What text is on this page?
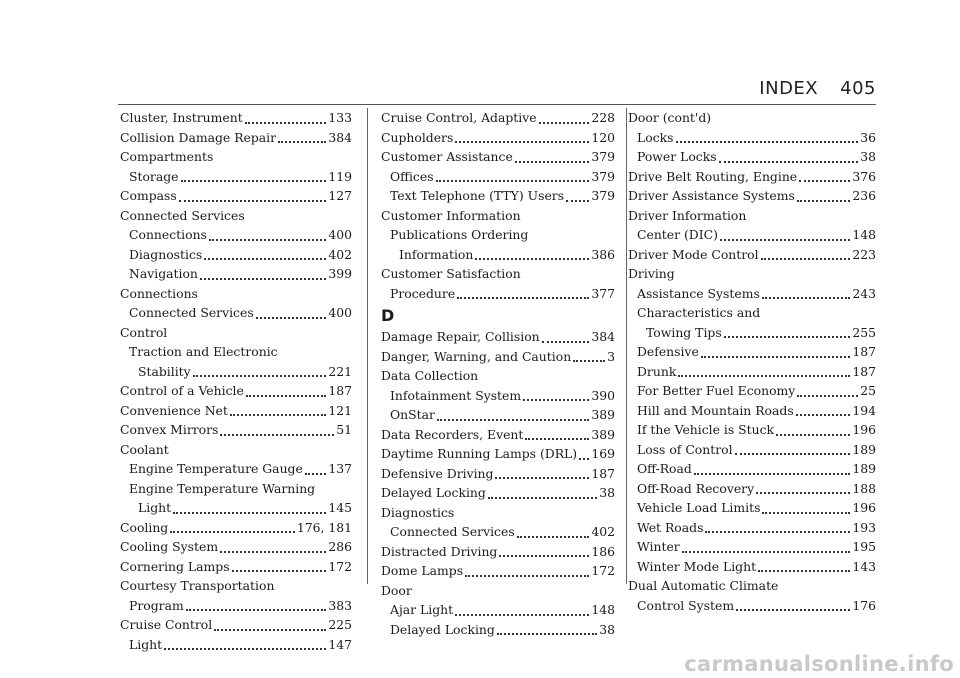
INDEX 405
Cluster, Instrument	133
Collision Damage Repair	384
Compartments
Storage	119
Compass	127
Connected Services
Connections	400
Diagnostics	402
Navigation	399
Connections
Connected Services	400
Control
Traction and Electronic
Stability	221
Control of a Vehicle	187
Convenience Net	121
Convex Mirrors	51
Coolant
Engine Temperature Gauge 137
Engine Temperature Warning
Light	145
Cooling	176, 181
Cooling System	286
Cornering Lamps	172
Courtesy Transportation
Program	383
Cruise Control	225
Light	147
Cruise Control, Adaptive	228
Cupholders	120
Customer Assistance	379
Offices	379
Text Telephone (TTY) Users 379
Customer Information
Publications Ordering
Information	386
Customer Satisfaction
Procedure	377
D
Damage Repair, Collision	384
Danger, Warning, and Caution	3
Data Collection
Infotainment System	390
OnStar	389
Data Recorders, Event	389
Daytime Running Lamps (DRL) 169
Defensive Driving	187
Delayed Locking	38
Diagnostics
Connected Services	402
Distracted Driving	186
Dome Lamps	172
Door
Ajar Light	148
Delayed Locking	38
Door (cont'd)
Locks	36
Power Locks	38
Drive Belt Routing, Engine	376
Driver Assistance Systems	236
Driver Information
Center (DIC)	148
Driver Mode Control	223
Driving
Assistance Systems	243
Characteristics and
Towing Tips	255
Defensive	187
Drunk	187
For Better Fuel Economy	25
Hill and Mountain Roads	194
If the Vehicle is Stuck	196
Loss of Control	189
Off-Road	189
Off-Road Recovery	188
Vehicle Load Limits	196
Wet Roads	193
Winter	195
Winter Mode Light	143
Dual Automatic Climate
Control System	176
carmanualsonline.info
